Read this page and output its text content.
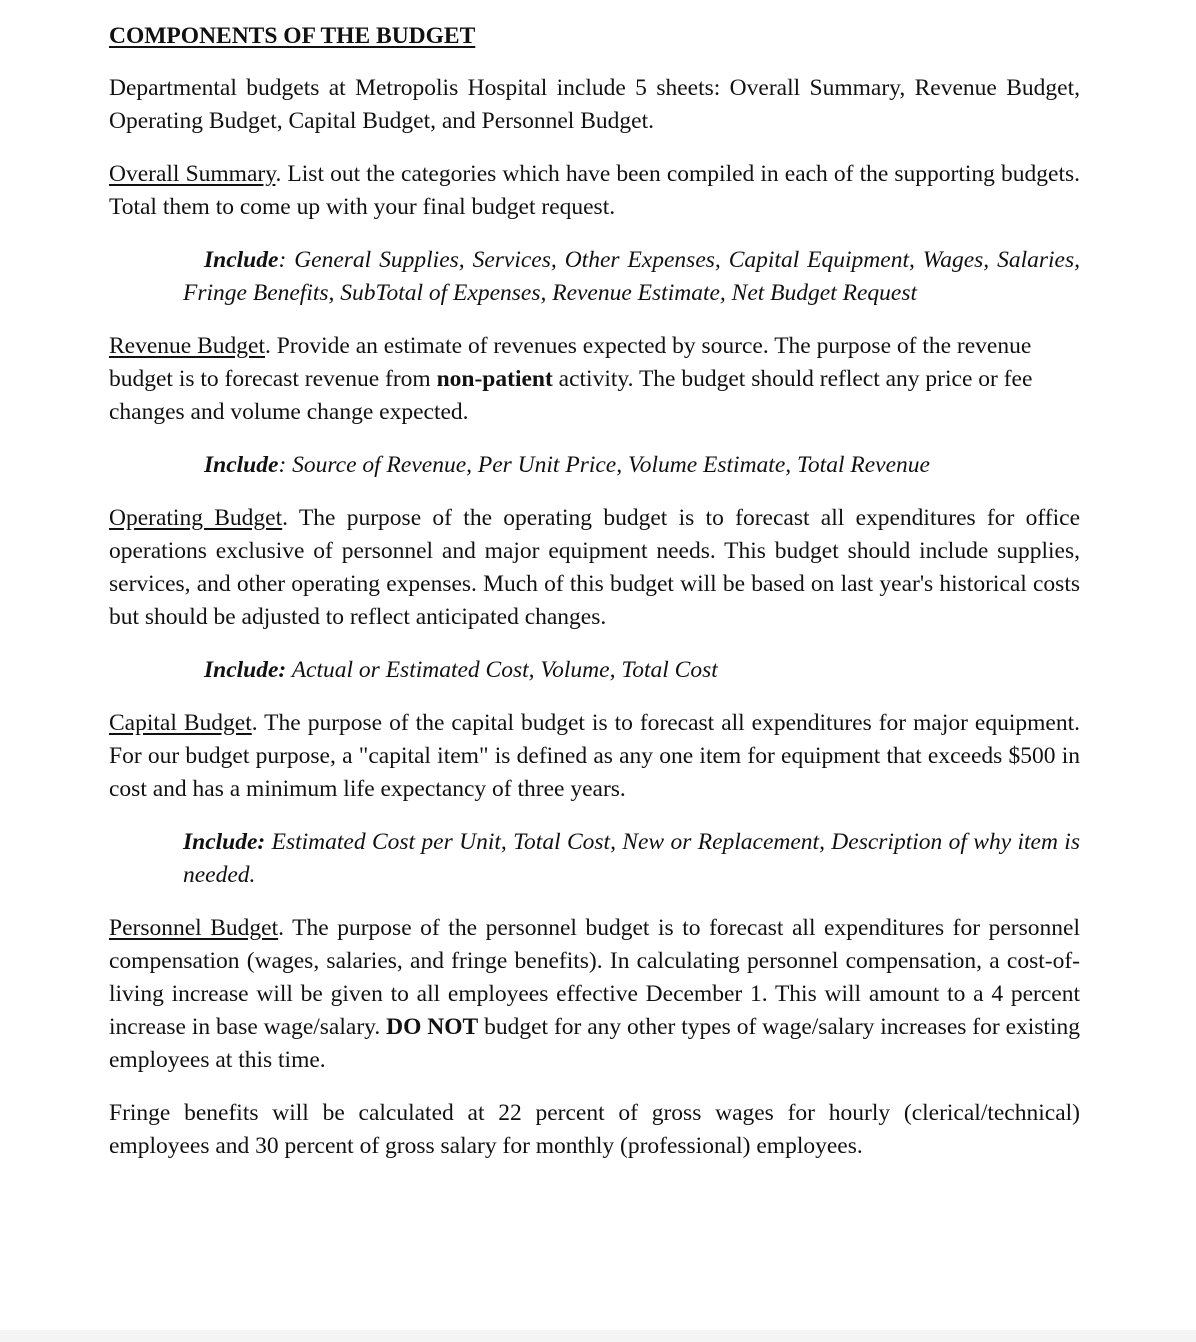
COMPONENTS OF THE BUDGET

Departmental budgets at Metropolis Hospital include 5 sheets: Overall Summary, Revenue Budget, Operating Budget, Capital Budget, and Personnel Budget.

Overall Summary. List out the categories which have been compiled in each of the supporting budgets. Total them to come up with your final budget request.

Include: General Supplies, Services, Other Expenses, Capital Equipment, Wages, Salaries, Fringe Benefits, SubTotal of Expenses, Revenue Estimate, Net Budget Request

Revenue Budget. Provide an estimate of revenues expected by source. The purpose of the revenue budget is to forecast revenue from non-patient activity. The budget should reflect any price or fee changes and volume change expected.

Include: Source of Revenue, Per Unit Price, Volume Estimate, Total Revenue

Operating Budget. The purpose of the operating budget is to forecast all expenditures for office operations exclusive of personnel and major equipment needs. This budget should include supplies, services, and other operating expenses. Much of this budget will be based on last year's historical costs but should be adjusted to reflect anticipated changes.

Include: Actual or Estimated Cost, Volume, Total Cost

Capital Budget. The purpose of the capital budget is to forecast all expenditures for major equipment. For our budget purpose, a "capital item" is defined as any one item for equipment that exceeds $500 in cost and has a minimum life expectancy of three years.

Include: Estimated Cost per Unit, Total Cost, New or Replacement, Description of why item is needed.

Personnel Budget. The purpose of the personnel budget is to forecast all expenditures for personnel compensation (wages, salaries, and fringe benefits). In calculating personnel compensation, a cost-of-living increase will be given to all employees effective December 1. This will amount to a 4 percent increase in base wage/salary. DO NOT budget for any other types of wage/salary increases for existing employees at this time.

Fringe benefits will be calculated at 22 percent of gross wages for hourly (clerical/technical) employees and 30 percent of gross salary for monthly (professional) employees.
